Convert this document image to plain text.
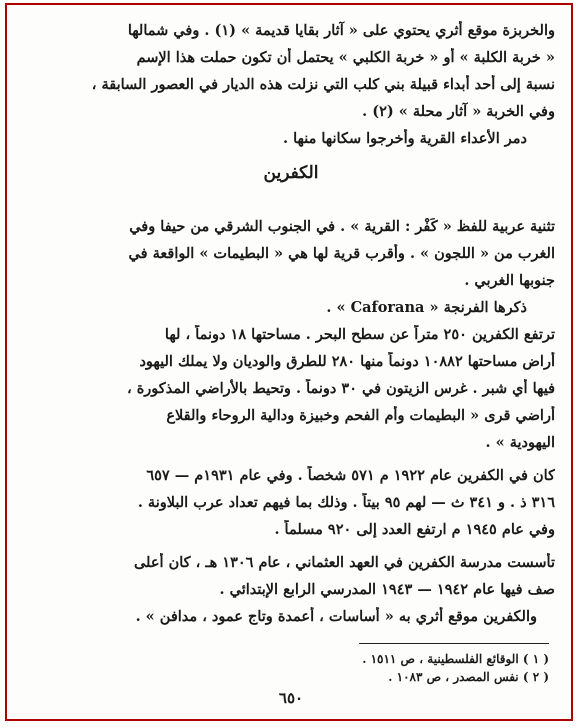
والخربزة موقع أثري يحتوي على « آثار بقايا قديمة » (١) . وفي شمالها
« خربة الكلبة » أو « خربة الكلبي » يحتمل أن تكون حملت هذا الإسم
نسبة إلى أحد أبداء قبيلة بني كلب التي نزلت هذه الديار في العصور السابقة ،
وفي الخربة « آثار محلة » (٢) .
دمر الأعداء القرية وأخرجوا سكانها منها .
الكفرين
تثنية عربية للفظ « كَفْر : القرية » . في الجنوب الشرقي من حيفا وفي
الغرب من « اللجون » . وأقرب قرية لها هي « البطيمات » الواقعة في
جنوبها الغربي .
ذكرها الفرنجة « Caforana » .
ترتفع الكفرين ٢٥٠ متراً عن سطح البحر . مساحتها ١٨ دونماً ، لها
أراض مساحتها ١٠٨٨٢ دونماً منها ٢٨٠ للطرق والوديان ولا يملك اليهود
فيها أي شبر . غرس الزيتون في ٣٠ دونماً . وتحيط بالأراضي المذكورة ،
أراضي قرى « البطيمات وأم الفحم وخبيزة ودالية الروحاء والقلاع
اليهودية » .
كان في الكفرين عام ١٩٢٢ م ٥٧١ شخصاً . وفي عام ١٩٣١م — ٦٥٧
٣١٦ ذ . و ٣٤١ ث — لهم ٩٥ بيتاً . وذلك بما فيهم تعداد عرب البلاونة .
وفي عام ١٩٤٥ م ارتفع العدد إلى ٩٢٠ مسلماً .
تأسست مدرسة الكفرين في العهد العثماني ، عام ١٣٠٦ هـ ، كان أعلى
صف فيها عام ١٩٤٢ — ١٩٤٣ المدرسي الرابع الإبتدائي .
والكفرين موقع أثري به « أساسات ، أعمدة وتاج عمود ، مدافن » .
( ١ ) الوقائع الفلسطينية ، ص ١٥١١ .
( ٢ ) نفس المصدر ، ص ١٠٨٣ .
٦٥٠
